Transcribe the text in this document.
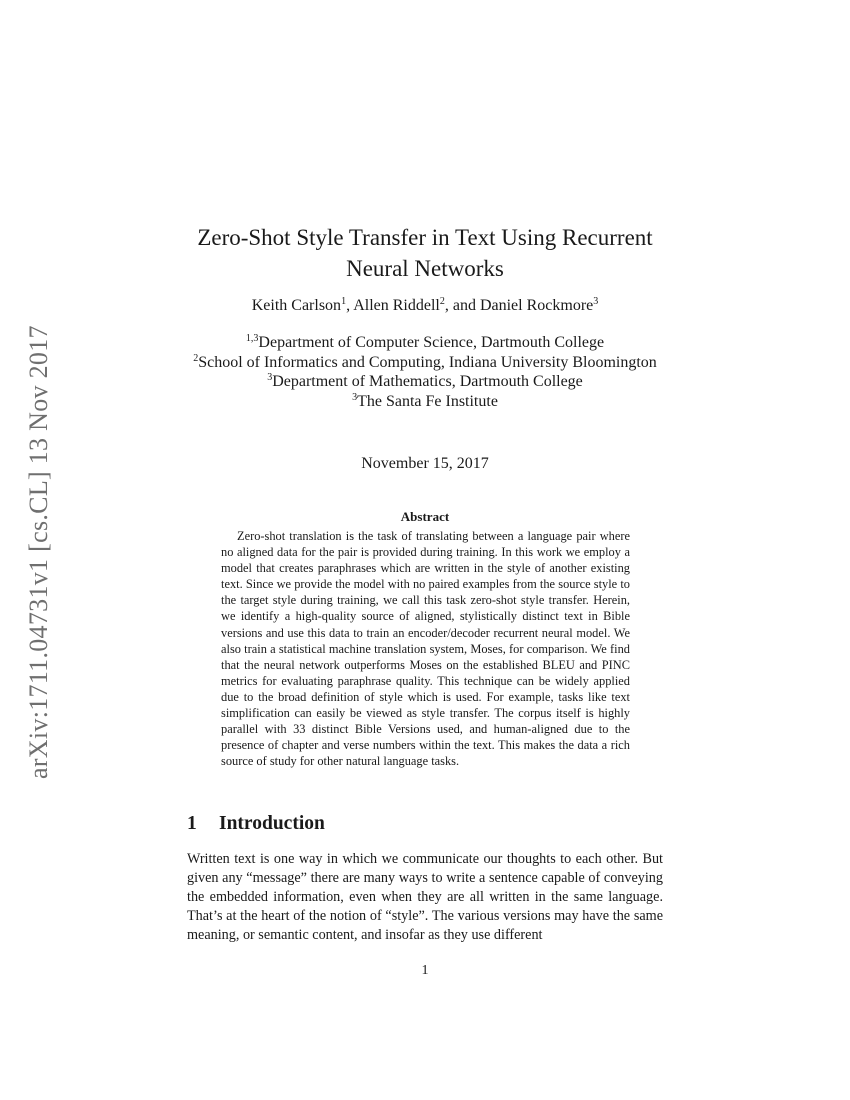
arXiv:1711.04731v1 [cs.CL] 13 Nov 2017
Zero-Shot Style Transfer in Text Using Recurrent Neural Networks
Keith Carlson$^1$, Allen Riddell$^2$, and Daniel Rockmore$^3$
$^{1,3}$Department of Computer Science, Dartmouth College
$^2$School of Informatics and Computing, Indiana University Bloomington
$^3$Department of Mathematics, Dartmouth College
$^3$The Santa Fe Institute
November 15, 2017
Abstract
Zero-shot translation is the task of translating between a language pair where no aligned data for the pair is provided during training. In this work we employ a model that creates paraphrases which are written in the style of another existing text. Since we provide the model with no paired examples from the source style to the target style during training, we call this task zero-shot style transfer. Herein, we identify a high-quality source of aligned, stylistically distinct text in Bible versions and use this data to train an encoder/decoder recurrent neural model. We also train a statistical machine translation system, Moses, for comparison. We find that the neural network outperforms Moses on the established BLEU and PINC metrics for evaluating paraphrase quality. This technique can be widely applied due to the broad definition of style which is used. For example, tasks like text simplification can easily be viewed as style transfer. The corpus itself is highly parallel with 33 distinct Bible Versions used, and human-aligned due to the presence of chapter and verse numbers within the text. This makes the data a rich source of study for other natural language tasks.
1 Introduction
Written text is one way in which we communicate our thoughts to each other. But given any “message” there are many ways to write a sentence capable of conveying the embedded information, even when they are all written in the same language. That’s at the heart of the notion of “style”. The various versions may have the same meaning, or semantic content, and insofar as they use different
1
